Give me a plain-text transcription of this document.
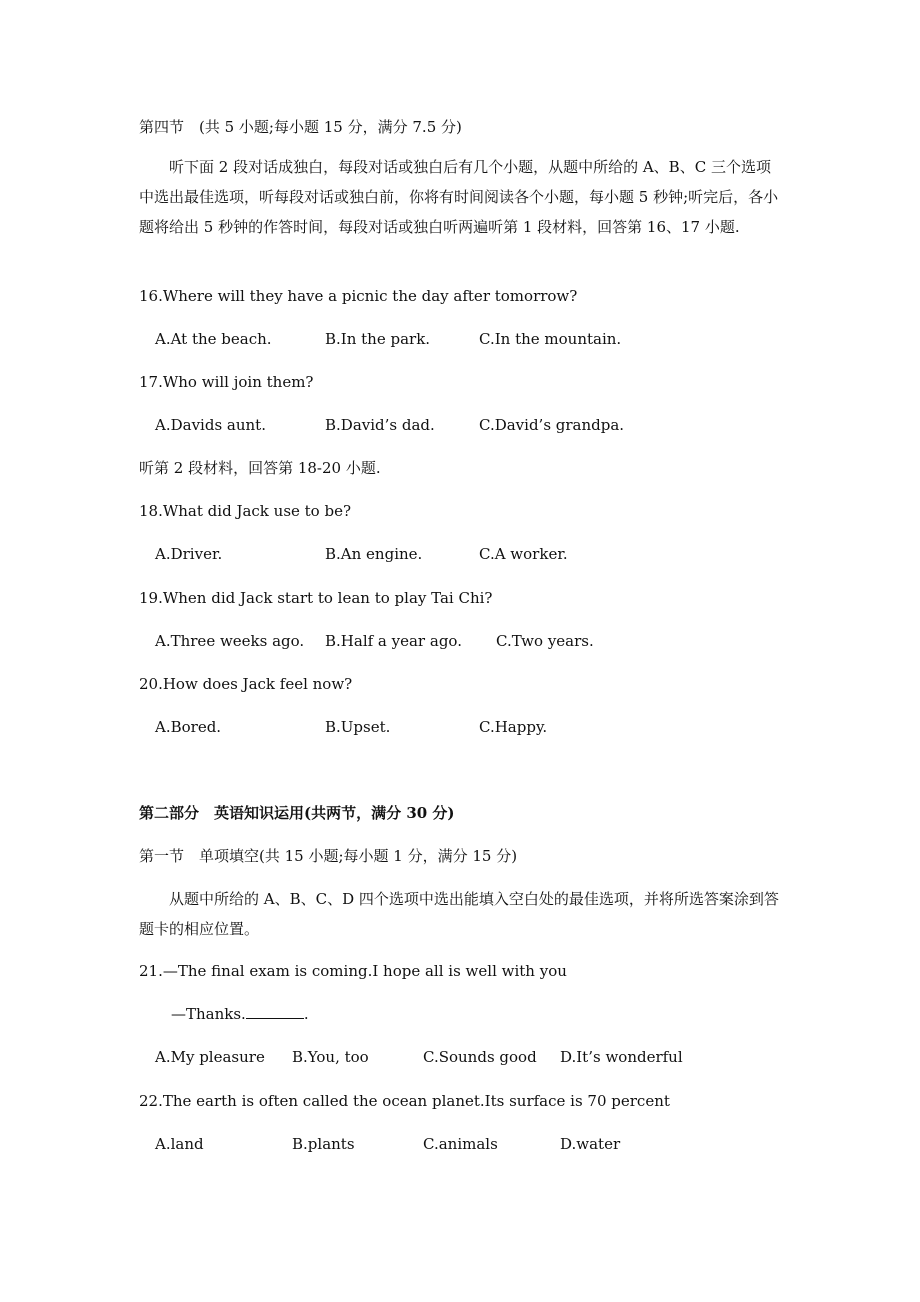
第四节　(共 5 小题;每小题 15 分，满分 7.5 分)
听下面 2 段对话成独白，每段对话或独白后有几个小题，从题中所给的 A、B、C 三个选项中选出最佳选项，听每段对话或独白前，你将有时间阅读各个小题，每小题 5 秒钟;听完后，各小题将给出 5 秒钟的作答时间，每段对话或独白听两遍听第 1 段材料，回答第 16、17 小题.
16.Where will they have a picnic the day after tomorrow?
A.At the beach.	B.In the park.	C.In the mountain.
17.Who will join them?
A.Davids aunt.	B.David’s dad.	C.David’s grandpa.
听第 2 段材料，回答第 18-20 小题.
18.What did Jack use to be?
A.Driver.	B.An engine.	C.A worker.
19.When did Jack start to lean to play Tai Chi?
A.Three weeks ago. B.Half a year ago. C.Two years.
20.How does Jack feel now?
A.Bored.	B.Upset.	C.Happy.
第二部分　英语知识运用(共两节，满分 30 分)
第一节　单项填空(共 15 小题;每小题 1 分，满分 15 分)
从题中所给的 A、B、C、D 四个选项中选出能填入空白处的最佳选项，并将所选答案涂到答题卡的相应位置。
21.—The final exam is coming.I hope all is well with you
—Thanks.	.
A.My pleasure B.You, too	C.Sounds good D.It’s wonderful
22.The earth is often called the ocean planet.Its surface is 70 percent
A.land	B.plants	C.animals	D.water
